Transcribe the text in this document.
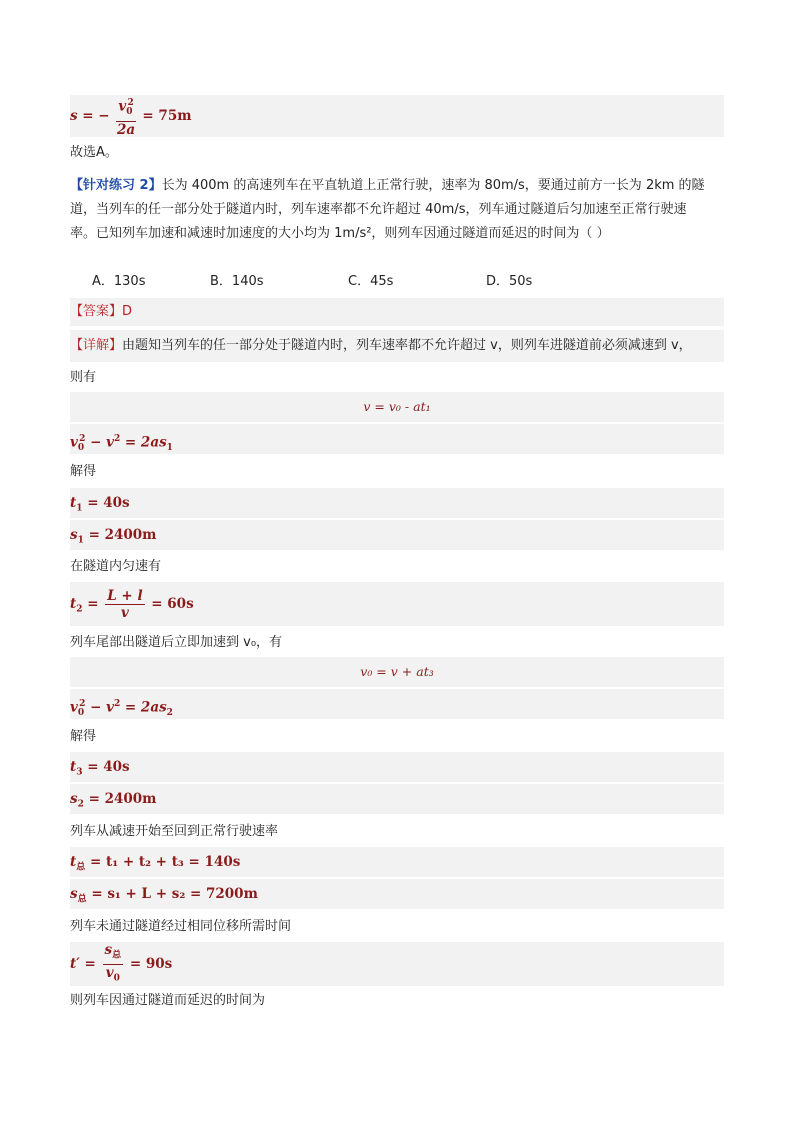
s = − $\frac{v_0^2}{2a} = 75m$
故选A。
【针对练习 2】长为 400m 的高速列车在平直轨道上正常行驶，速率为 80m/s，要通过前方一长为 2km 的隧
道，当列车的任一部分处于隧道内时，列车速率都不允许超过 40m/s，列车通过隧道后匀加速至正常行驶速
率。已知列车加速和减速时加速度的大小均为 1m/s²，则列车因通过隧道而延迟的时间为（ ）
A．130s	B．140s	C．45s	D．50s
【答案】D
【详解】由题知当列车的任一部分处于隧道内时，列车速率都不允许超过 v，则列车进隧道前必须减速到 v，
则有
v = v₀ - at₁
$v_0^2 - v^2 = 2as_1$
解得
$t_1 = 40s$
$s_1 = 2400m$
在隧道内匀速有
$t_2 = \frac{L + l}{v} = 60s$
列车尾部出隧道后立即加速到 v₀，有
v₀ = v + at₃
$v_0^2 - v^2 = 2as_2$
解得
$t_3 = 40s$
$s_2 = 2400m$
列车从减速开始至回到正常行驶速率
$t_总 = t_1 + t_2 + t_3 = 140s$
$s_总 = s_1 + L + s_2 = 7200m$
列车未通过隧道经过相同位移所需时间
$t' = \frac{s_总}{v_0} = 90s$
则列车因通过隧道而延迟的时间为
